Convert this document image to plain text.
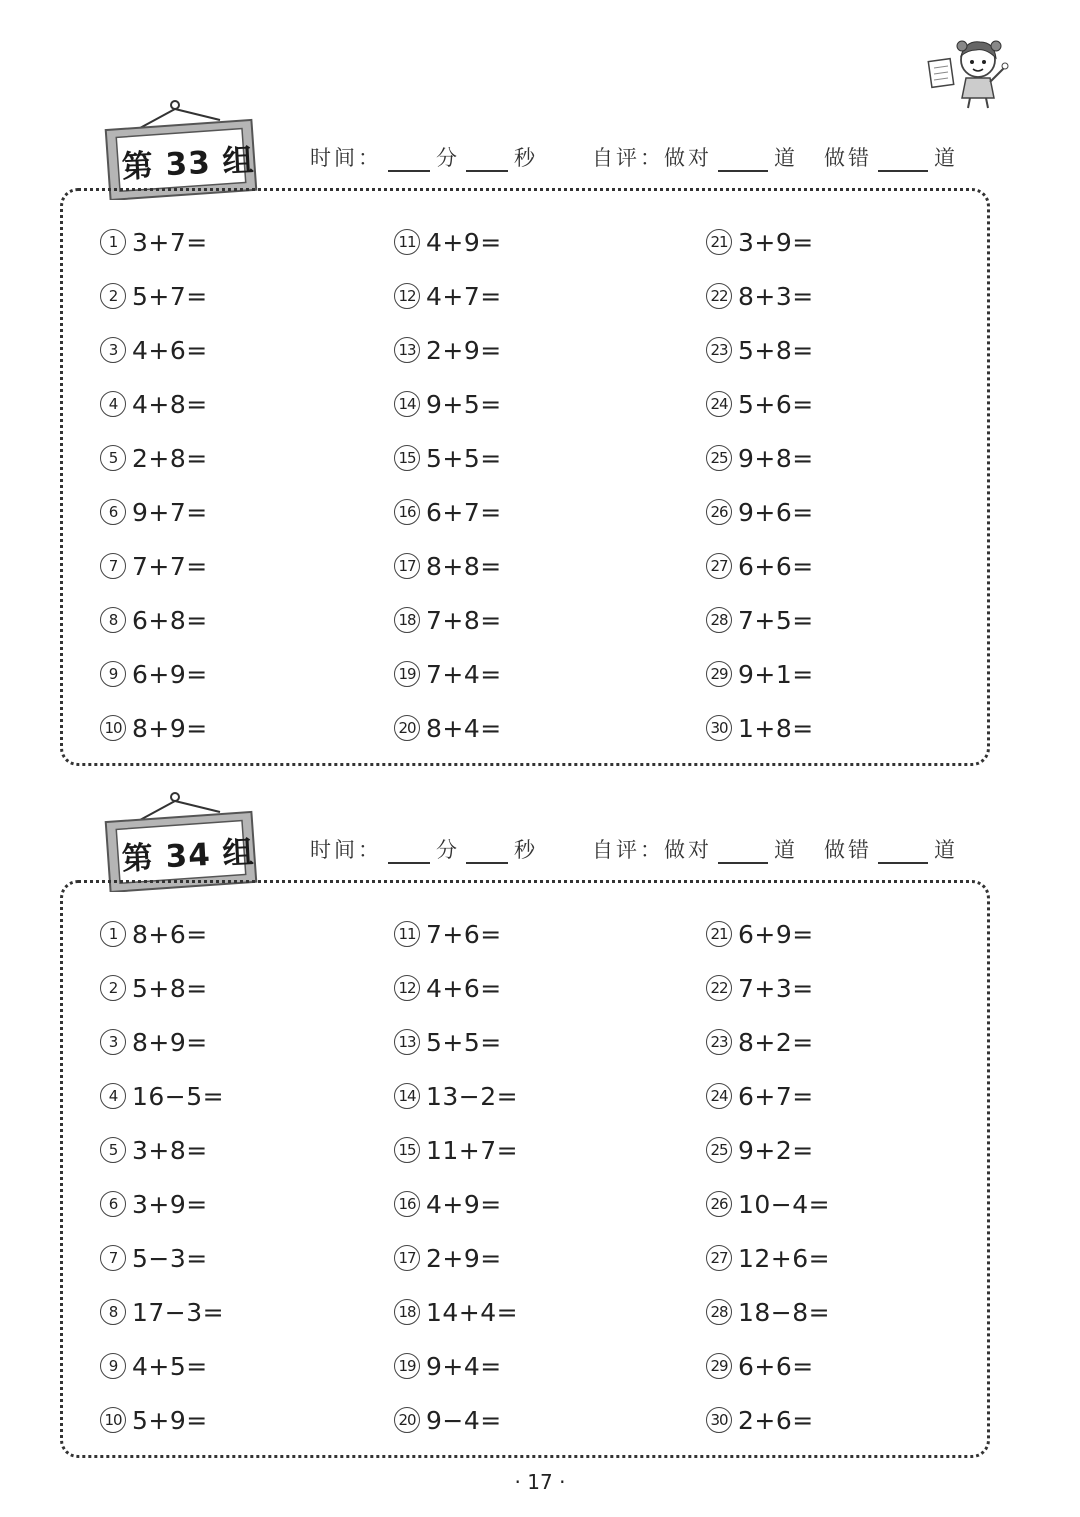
第 33 组	时间：	分	秒	自评：做对	道 做错	道
1 3+7=	11 4+9=	21 3+9=
2 5+7=	12 4+7=	22 8+3=
3 4+6=	13 2+9=	23 5+8=
4 4+8=	14 9+5=	24 5+6=
5 2+8=	15 5+5=	25 9+8=
6 9+7=	16 6+7=	26 9+6=
7 7+7=	17 8+8=	27 6+6=
8 6+8=	18 7+8=	28 7+5=
9 6+9=	19 7+4=	29 9+1=
10 8+9=	20 8+4=	30 1+8=
第 34 组	时间：	分	秒	自评：做对	道 做错	道
1 8+6=	11 7+6=	21 6+9=
2 5+8=	12 4+6=	22 7+3=
3 8+9=	13 5+5=	23 8+2=
4 16−5=	14 13−2=	24 6+7=
5 3+8=	15 11+7=	25 9+2=
6 3+9=	16 4+9=	26 10−4=
7 5−3=	17 2+9=	27 12+6=
8 17−3=	18 14+4=	28 18−8=
9 4+5=	19 9+4=	29 6+6=
10 5+9=	20 9−4=	30 2+6=
· 17 ·
